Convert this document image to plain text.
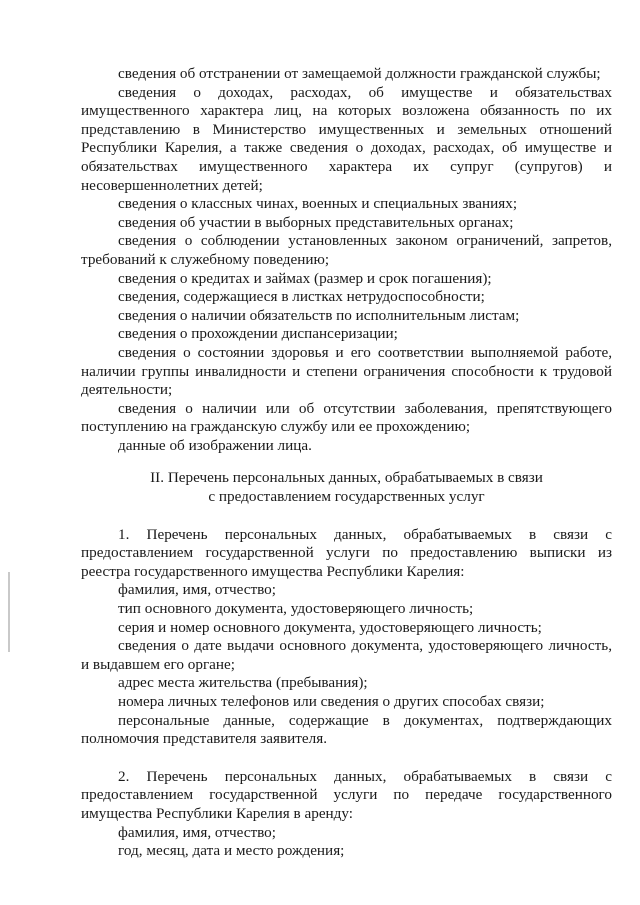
сведения об отстранении от замещаемой должности гражданской службы;

сведения о доходах, расходах, об имуществе и обязательствах имущественного характера лиц, на которых возложена обязанность по их представлению в Министерство имущественных и земельных отношений Республики Карелия, а также сведения о доходах, расходах, об имуществе и обязательствах имущественного характера их супруг (супругов) и несовершеннолетних детей;

сведения о классных чинах, военных и специальных званиях;

сведения об участии в выборных представительных органах;

сведения о соблюдении установленных законом ограничений, запретов, требований к служебному поведению;

сведения о кредитах и займах (размер и срок погашения);

сведения, содержащиеся в листках нетрудоспособности;

сведения о наличии обязательств по исполнительным листам;

сведения о прохождении диспансеризации;

сведения о состоянии здоровья и его соответствии выполняемой работе, наличии группы инвалидности и степени ограничения способности к трудовой деятельности;

сведения о наличии или об отсутствии заболевания, препятствующего поступлению на гражданскую службу или ее прохождению;

данные об изображении лица.

II. Перечень персональных данных, обрабатываемых в связи

с предоставлением государственных услуг

1. Перечень персональных данных, обрабатываемых в связи с предоставлением государственной услуги по предоставлению выписки из реестра государственного имущества Республики Карелия:

фамилия, имя, отчество;

тип основного документа, удостоверяющего личность;

серия и номер основного документа, удостоверяющего личность;

сведения о дате выдачи основного документа, удостоверяющего личность, и выдавшем его органе;

адрес места жительства (пребывания);

номера личных телефонов или сведения о других способах связи;

персональные данные, содержащие в документах, подтверждающих полномочия представителя заявителя.

2. Перечень персональных данных, обрабатываемых в связи с предоставлением государственной услуги по передаче государственного имущества Республики Карелия в аренду:

фамилия, имя, отчество;

год, месяц, дата и место рождения;
